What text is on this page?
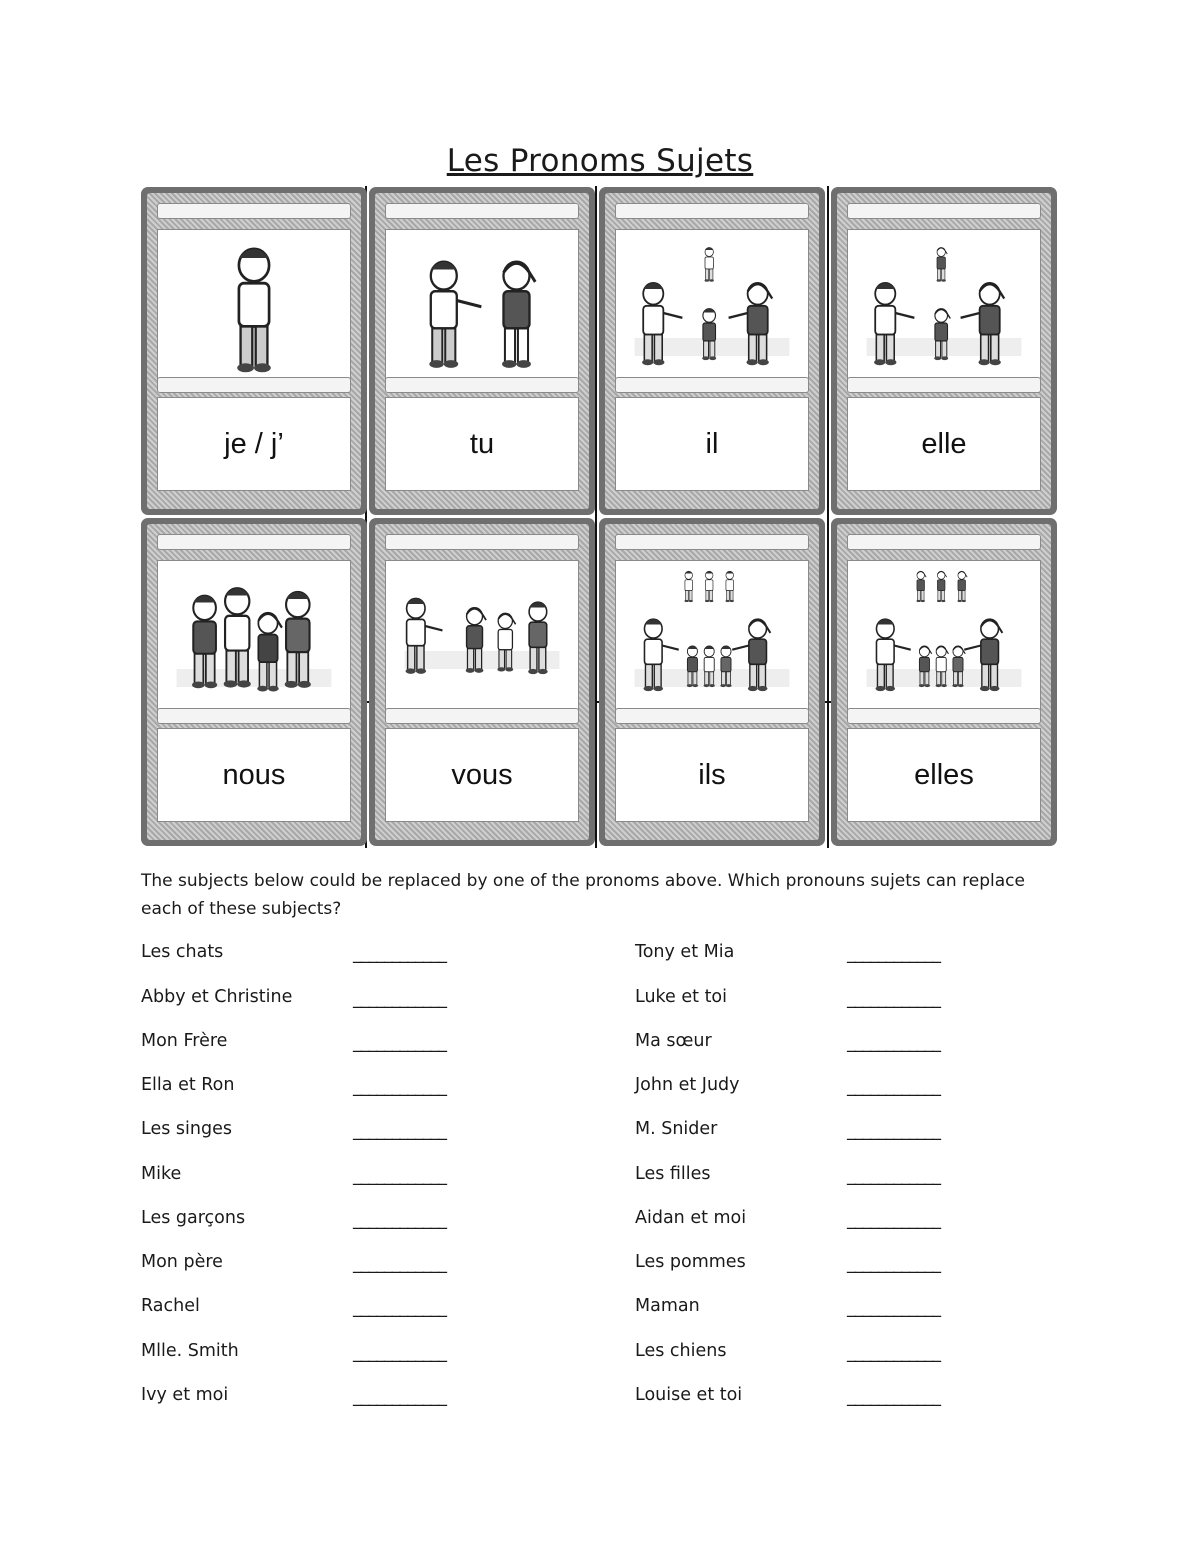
Les Pronoms Sujets
je / j’	tu	il	elle
nous	vous	ils	elles
The subjects below could be replaced by one of the pronoms above. Which pronouns sujets can replace each of these subjects?
Les chats	____________
Abby et Christine	____________
Mon Frère	____________
Ella et Ron	____________
Les singes	____________
Mike	____________
Les garçons	____________
Mon père	____________
Rachel	____________
Mlle. Smith	____________
Ivy et moi	____________
Tony et Mia	____________
Luke et toi	____________
Ma sœur	____________
John et Judy	____________
M. Snider	____________
Les filles	____________
Aidan et moi	____________
Les pommes	____________
Maman	____________
Les chiens	____________
Louise et toi	____________
